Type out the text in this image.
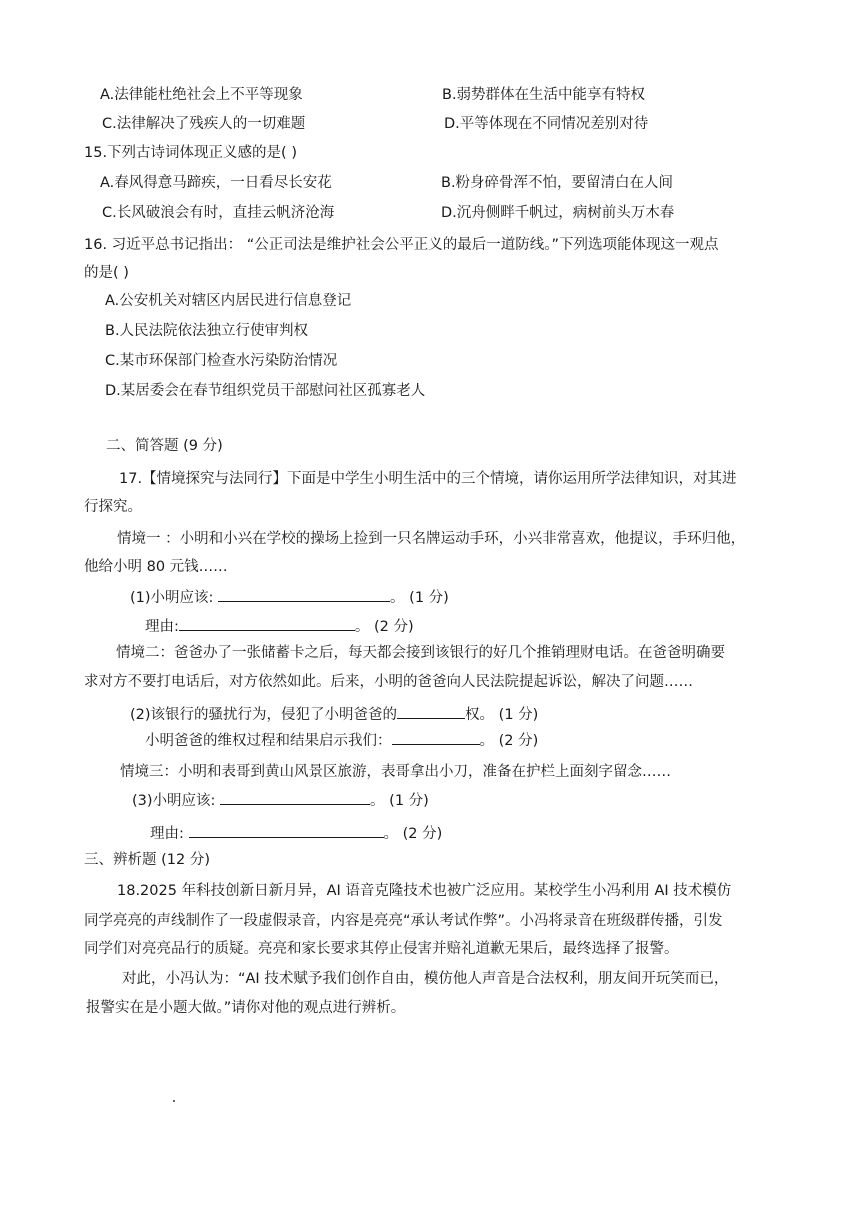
A.法律能杜绝社会上不平等现象	B.弱势群体在生活中能享有特权
C.法律解决了残疾人的一切难题	D.平等体现在不同情况差别对待
15.下列古诗词体现正义感的是( )
A.春风得意马蹄疾，一日看尽长安花	B.粉身碎骨浑不怕，要留清白在人间
C.长风破浪会有时，直挂云帆济沧海	D.沉舟侧畔千帆过，病树前头万木春
16. 习近平总书记指出： “公正司法是维护社会公平正义的最后一道防线。”下列选项能体现这一观点
的是( )
A.公安机关对辖区内居民进行信息登记
B.人民法院依法独立行使审判权
C.某市环保部门检查水污染防治情况
D.某居委会在春节组织党员干部慰问社区孤寡老人
二、简答题 (9 分)
17.【情境探究与法同行】下面是中学生小明生活中的三个情境，请你运用所学法律知识，对其进
行探究。
情境一 ：小明和小兴在学校的操场上捡到一只名牌运动手环，小兴非常喜欢，他提议，手环归他，
他给小明 80 元钱……
(1)小明应该:	。 (1 分)
理由:	。 (2 分)
情境二：爸爸办了一张储蓄卡之后，每天都会接到该银行的好几个推销理财电话。在爸爸明确要
求对方不要打电话后，对方依然如此。后来，小明的爸爸向人民法院提起诉讼，解决了问题……
(2)该银行的骚扰行为，侵犯了小明爸爸的	权。 (1 分)
小明爸爸的维权过程和结果启示我们：	。 (2 分)
情境三：小明和表哥到黄山风景区旅游，表哥拿出小刀，准备在护栏上面刻字留念……
(3)小明应该:	。 (1 分)
理由:	。 (2 分)
三、辨析题 (12 分)
18.2025 年科技创新日新月异，AI 语音克隆技术也被广泛应用。某校学生小冯利用 AI 技术模仿
同学亮亮的声线制作了一段虚假录音，内容是亮亮“承认考试作弊”。小冯将录音在班级群传播，引发
同学们对亮亮品行的质疑。亮亮和家长要求其停止侵害并赔礼道歉无果后，最终选择了报警。
对此，小冯认为：“AI 技术赋予我们创作自由，模仿他人声音是合法权利，朋友间开玩笑而已，
报警实在是小题大做。”请你对他的观点进行辨析。
